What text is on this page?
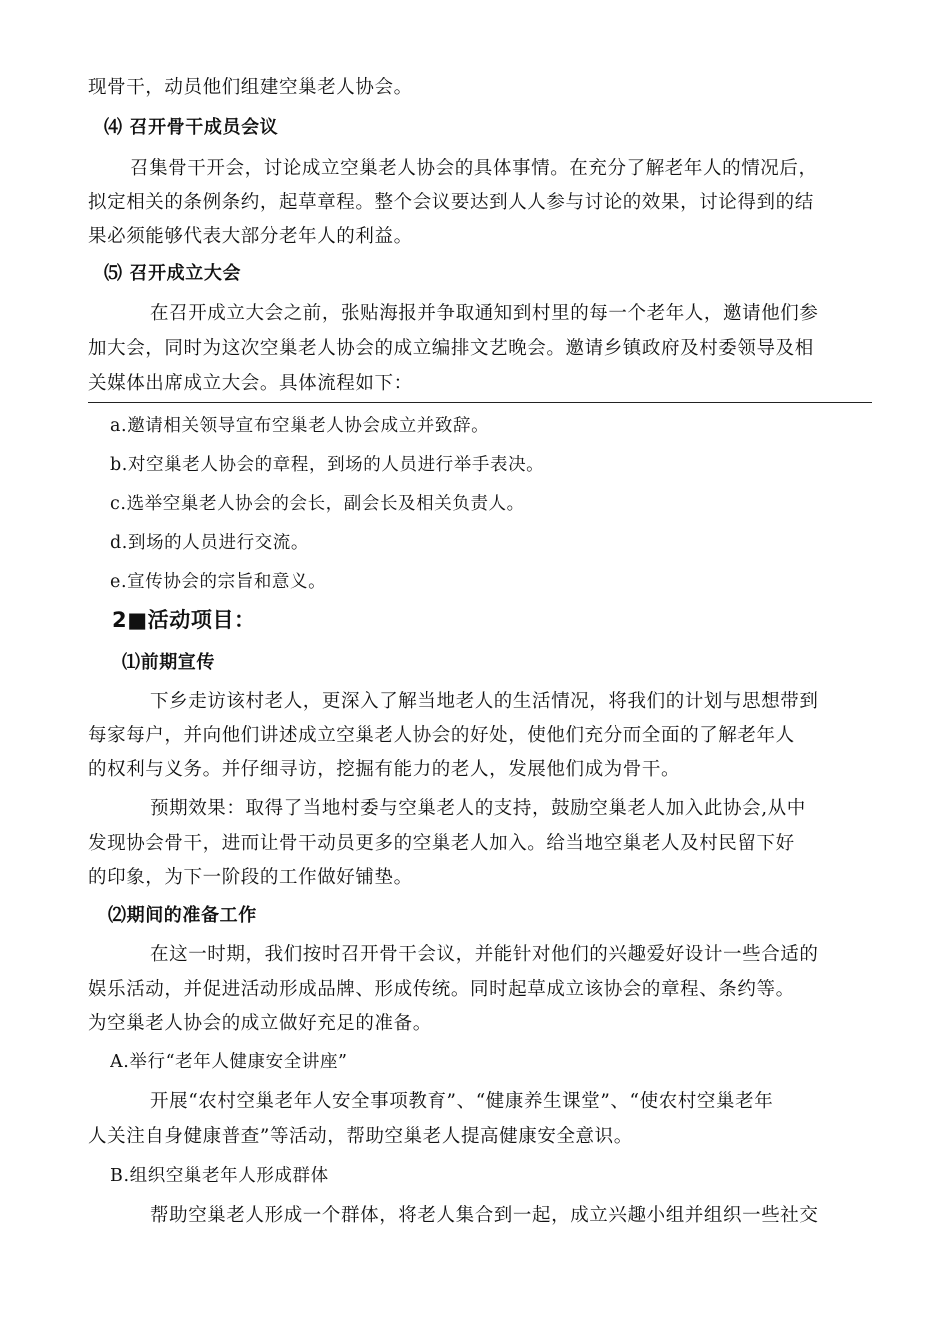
现骨干，动员他们组建空巢老人协会。
⑷ 召开骨干成员会议
召集骨干开会，讨论成立空巢老人协会的具体事情。在充分了解老年人的情况后，
拟定相关的条例条约，起草章程。整个会议要达到人人参与讨论的效果，讨论得到的结
果必须能够代表大部分老年人的利益。
⑸ 召开成立大会
在召开成立大会之前，张贴海报并争取通知到村里的每一个老年人，邀请他们参
加大会，同时为这次空巢老人协会的成立编排文艺晚会。邀请乡镇政府及村委领导及相
关媒体出席成立大会。具体流程如下：
a.邀请相关领导宣布空巢老人协会成立并致辞。
b.对空巢老人协会的章程，到场的人员进行举手表决。
c.选举空巢老人协会的会长，副会长及相关负责人。
d.到场的人员进行交流。
e.宣传协会的宗旨和意义。
2■活动项目：
⑴前期宣传
下乡走访该村老人，更深入了解当地老人的生活情况，将我们的计划与思想带到
每家每户，并向他们讲述成立空巢老人协会的好处，使他们充分而全面的了解老年人
的权利与义务。并仔细寻访，挖掘有能力的老人，发展他们成为骨干。
预期效果：取得了当地村委与空巢老人的支持，鼓励空巢老人加入此协会,从中
发现协会骨干，进而让骨干动员更多的空巢老人加入。给当地空巢老人及村民留下好
的印象，为下一阶段的工作做好铺垫。
⑵期间的准备工作
在这一时期，我们按时召开骨干会议，并能针对他们的兴趣爱好设计一些合适的
娱乐活动，并促进活动形成品牌、形成传统。同时起草成立该协会的章程、条约等。
为空巢老人协会的成立做好充足的准备。
A.举行“老年人健康安全讲座”
开展“农村空巢老年人安全事项教育”、“健康养生课堂”、“使农村空巢老年
人关注自身健康普查”等活动，帮助空巢老人提高健康安全意识。
B.组织空巢老年人形成群体
帮助空巢老人形成一个群体，将老人集合到一起，成立兴趣小组并组织一些社交
